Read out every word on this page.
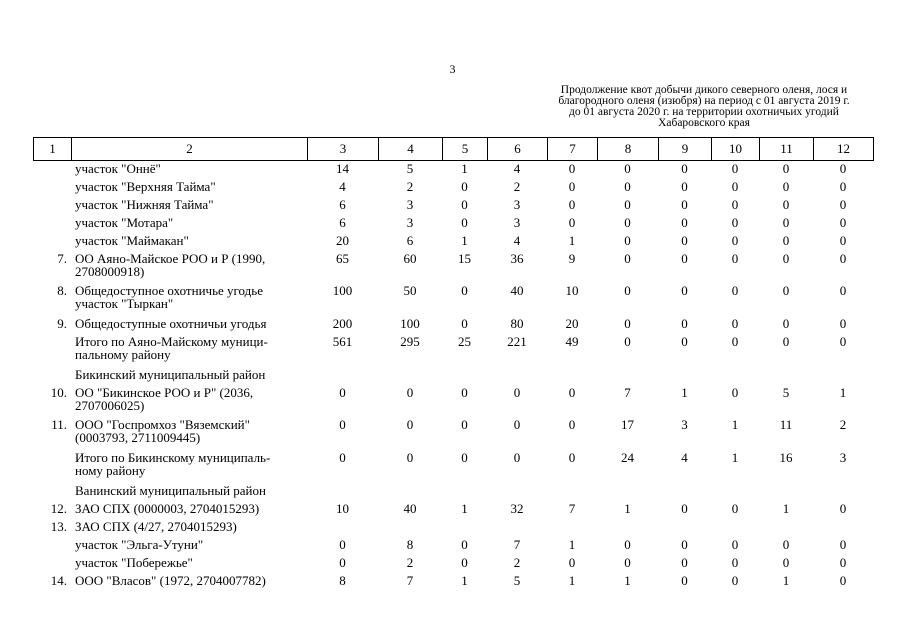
3
Продолжение квот добычи дикого северного оленя, лося и
благородного оленя (изюбря) на период с 01 августа 2019 г.
до 01 августа 2020 г. на территории охотничьих угодий
Хабаровского края
1	2	3	4	5	6	7	8	9	10	11	12

	участок "Оннё"	14	5	1	4	0	0	0	0	0	0

	участок "Верхняя Тайма"	4	2	0	2	0	0	0	0	0	0

	участок "Нижняя Тайма"	6	3	0	3	0	0	0	0	0	0

	участок "Мотара"	6	3	0	3	0	0	0	0	0	0

	участок "Маймакан"	20	6	1	4	1	0	0	0	0	0
7.	ОО Аяно-Майское РОО и Р (1990,
2708000918)	65	60	15	36	9	0	0	0	0	0
8.	Общедоступное охотничье угодье
участок "Тыркан"	100	50	0	40	10	0	0	0	0	0
9.	Общедоступные охотничьи угодья	200	100	0	80	20	0	0	0	0	0

	Итого по Аяно-Майскому муници-
пальному району	561	295	25	221	49	0	0	0	0	0

	Бикинский муниципальный район										

10.	ОО "Бикинское РОО и Р" (2036,
2707006025)	0	0	0	0	0	7	1	0	5	1
11.	ООО "Госпромхоз "Вяземский"
(0003793, 2711009445)	0	0	0	0	0	17	3	1	11	2

	Итого по Бикинскому муниципаль-
ному району	0	0	0	0	0	24	4	1	16	3

	Ванинский муниципальный район										

12.	ЗАО СПХ (0000003, 2704015293)	10	40	1	32	7	1	0	0	1	0
13.	ЗАО СПХ (4/27, 2704015293)										

	участок "Эльга-Утуни"	0	8	0	7	1	0	0	0	0	0

	участок "Побережье"	0	2	0	2	0	0	0	0	0	0
14.	ООО "Власов" (1972, 2704007782)	8	7	1	5	1	1	0	0	1	0
